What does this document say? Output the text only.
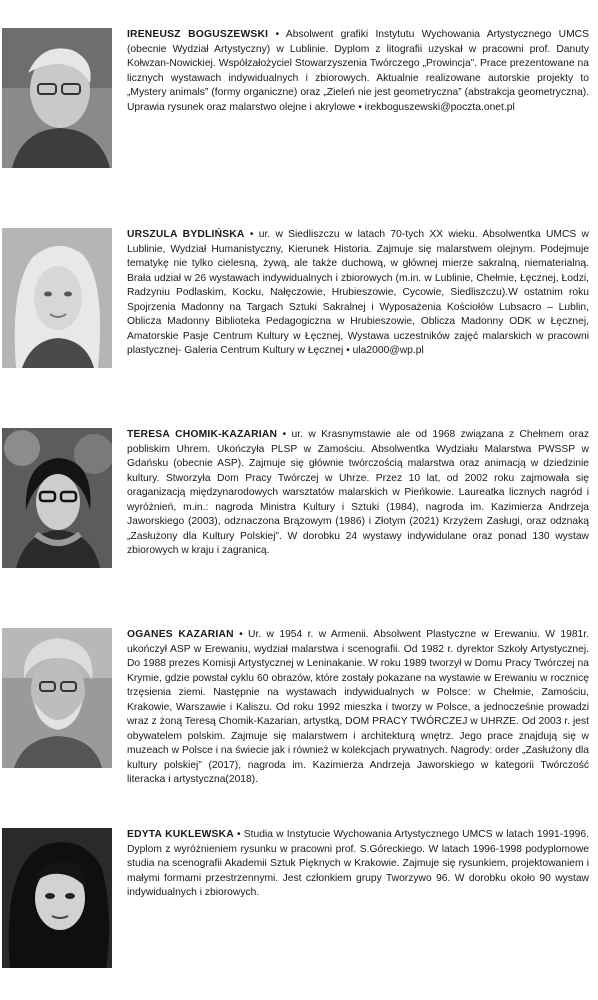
IRENEUSZ BOGUSZEWSKI • Absolwent grafiki Instytutu Wychowania Artystycznego UMCS (obecnie Wydział Artystyczny) w Lublinie. Dyplom z litografii uzyskał w pracowni prof. Danuty Kołwzan-Nowickiej. Współzałożyciel Stowarzyszenia Twórczego „Prowincja”. Prace prezentowane na licznych wystawach indywidualnych i zbiorowych. Aktualnie realizowane autorskie projekty to „Mystery animals” (formy organiczne) oraz „Zieleń nie jest geometryczna” (abstrakcja geometryczna). Uprawia rysunek oraz malarstwo olejne i akrylowe • irekboguszewski@poczta.onet.pl

URSZULA BYDLIŃSKA • ur. w Siedliszczu w latach 70-tych XX wieku. Absolwentka UMCS w Lublinie, Wydział Humanistyczny, Kierunek Historia. Zajmuje się malarstwem olejnym. Podejmuje tematykę nie tylko cielesną, żywą, ale także duchową, w głównej mierze sakralną, niematerialną. Brała udział w 26 wystawach indywidualnych i zbiorowych (m.in. w Lublinie, Chełmie, Łęcznej, Łodzi, Radzyniu Podlaskim, Kocku, Nałęczowie, Hrubieszowie, Cycowie, Siedliszczu).W ostatnim roku Spojrzenia Madonny na Targach Sztuki Sakralnej i Wyposażenia Kościołów Lubsacro – Lublin, Oblicza Madonny Biblioteka Pedagogiczna w Hrubieszowie, Oblicza Madonny ODK w Łęcznej, Amatorskie Pasje Centrum Kultury w Łęcznej, Wystawa uczestników zajęć malarskich w pracowni plastycznej- Galeria Centrum Kultury w Łęcznej • ula2000@wp.pl

TERESA CHOMIK-KAZARIAN • ur. w Krasnymstawie ale od 1968 związana z Chełmem oraz pobliskim Uhrem. Ukończyła PLSP w Zamościu. Absolwentka Wydziału Malarstwa PWSSP w Gdańsku (obecnie ASP). Zajmuje się głównie twórczością malarstwa oraz animacją w dziedzinie kultury. Stworzyła Dom Pracy Twórczej w Uhrze. Przez 10 lat, od 2002 roku zajmowała się oraganizacją międzynarodowych warsztatów malarskich w Pieńkowie. Laureatka licznych nagród i wyróżnień, m.in.: nagroda Ministra Kultury i Sztuki (1984), nagroda im. Kazimierza Andrzeja Jaworskiego (2003), odznaczona Brązowym (1986) i Złotym (2021) Krzyżem Zasługi, oraz odznaką „Zasłużony dla Kultury Polskiej”. W dorobku 24 wystawy indywidulane oraz ponad 130 wystaw zbiorowych w kraju i zagranicą.

OGANES KAZARIAN • Ur. w 1954 r. w Armenii. Absolwent Plastyczne w Erewaniu. W 1981r. ukończył ASP w Erewaniu, wydział malarstwa i scenografii. Od 1982 r. dyrektor Szkoły Artystycznej. Do 1988 prezes Komisji Artystycznej w Leninakanie. W roku 1989 tworzył w Domu Pracy Twórczej na Krymie, gdzie powstał cyklu 60 obrazów, które zostały pokazane na wystawie w Erewaniu w rocznicę trzęsienia ziemi. Następnie na wystawach indywidualnych w Polsce: w Chełmie, Zamościu, Krakowie, Warszawie i Kaliszu. Od roku 1992 mieszka i tworzy w Polsce, a jednocześnie prowadzi wraz z żoną Teresą Chomik-Kazarian, artystką, DOM PRACY TWÓRCZEJ w UHRZE. Od 2003 r. jest obywatelem polskim. Zajmuje się malarstwem i architekturą wnętrz. Jego prace znajdują się w muzeach w Polsce i na świecie jak i również w kolekcjach prywatnych. Nagrody: order „Zasłużony dla kultury polskiej” (2017), nagroda im. Kazimierza Andrzeja Jaworskiego w kategorii Twórczość literacka i artystyczna(2018).

EDYTA KUKLEWSKA • Studia w Instytucie Wychowania Artystycznego UMCS w latach 1991-1996. Dyplom z wyróżnieniem rysunku w pracowni prof. S.Góreckiego. W latach 1996-1998 podyplomowe studia na scenografii Akademii Sztuk Pięknych w Krakowie. Zajmuje się rysunkiem, projektowaniem i małymi formami przestrzennymi. Jest członkiem grupy Tworzywo 96. W dorobku około 90 wystaw indywidualnych i zbiorowych.
